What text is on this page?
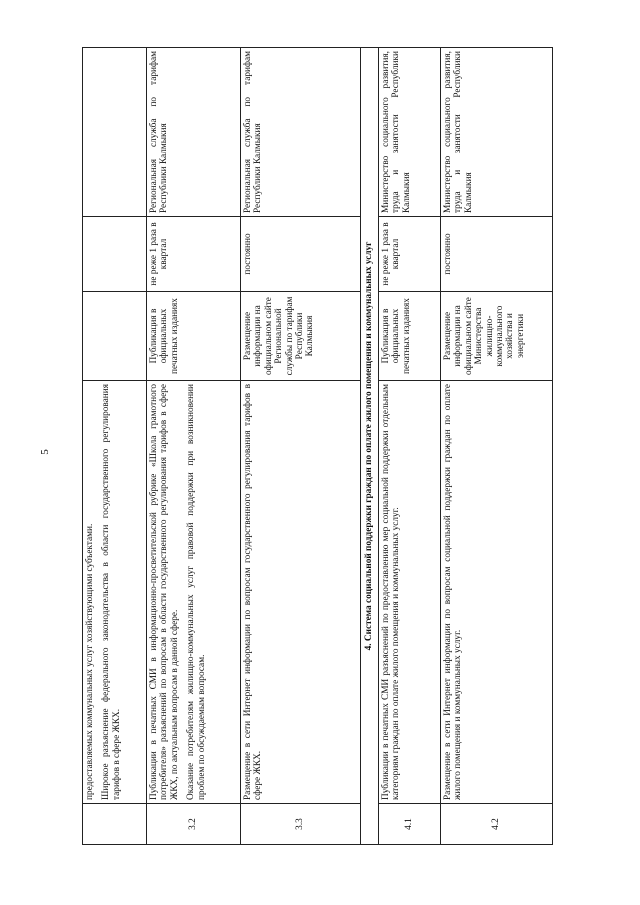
5

	предоставляемых коммунальных услуг хозяйствующими субъектами. Широкое разъяснение федерального законодательства в области государственного регулирования тарифов в сфере ЖКХ.			

3.2	Публикации в печатных СМИ в информационно-просветительской рубрике «Школа грамотного потребителя» разъяснений по вопросам в области государственного регулирования тарифов в сфере ЖКХ, по актуальным вопросам в данной сфере. Оказание потребителям жилищно-коммунальных услуг правовой поддержки при возникновении проблем по обсуждаемым вопросам.	Публикация в официальных печатных изданиях	не реже 1 раза в квартал	Региональная служба по тарифам Республики Калмыкия
3.3	Размещение в сети Интернет информации по вопросам государственного регулирования тарифов в сфере ЖКХ.	Размещение информации на официальном сайте Региональной службы по тарифам Республики Калмыкия	постоянно	Региональная служба по тарифам Республики Калмыкия
4. Система социальной поддержки граждан по оплате жилого помещения и коммунальных услуг				
4.1	Публикации в печатных СМИ разъяснений по предоставлению мер социальной поддержки отдельным категориям граждан по оплате жилого помещения и коммунальных услуг.	Публикация в официальных печатных изданиях	не реже 1 раза в квартал	Министерство социального развития, труда и занятости Республики Калмыкия
4.2	Размещение в сети Интернет информации по вопросам социальной поддержки граждан по оплате жилого помещения и коммунальных услуг.	Размещение информации на официальном сайте Министерства жилищно-коммунального хозяйства и энергетики	постоянно	Министерство социального развития, труда и занятости Республики Калмыкия
